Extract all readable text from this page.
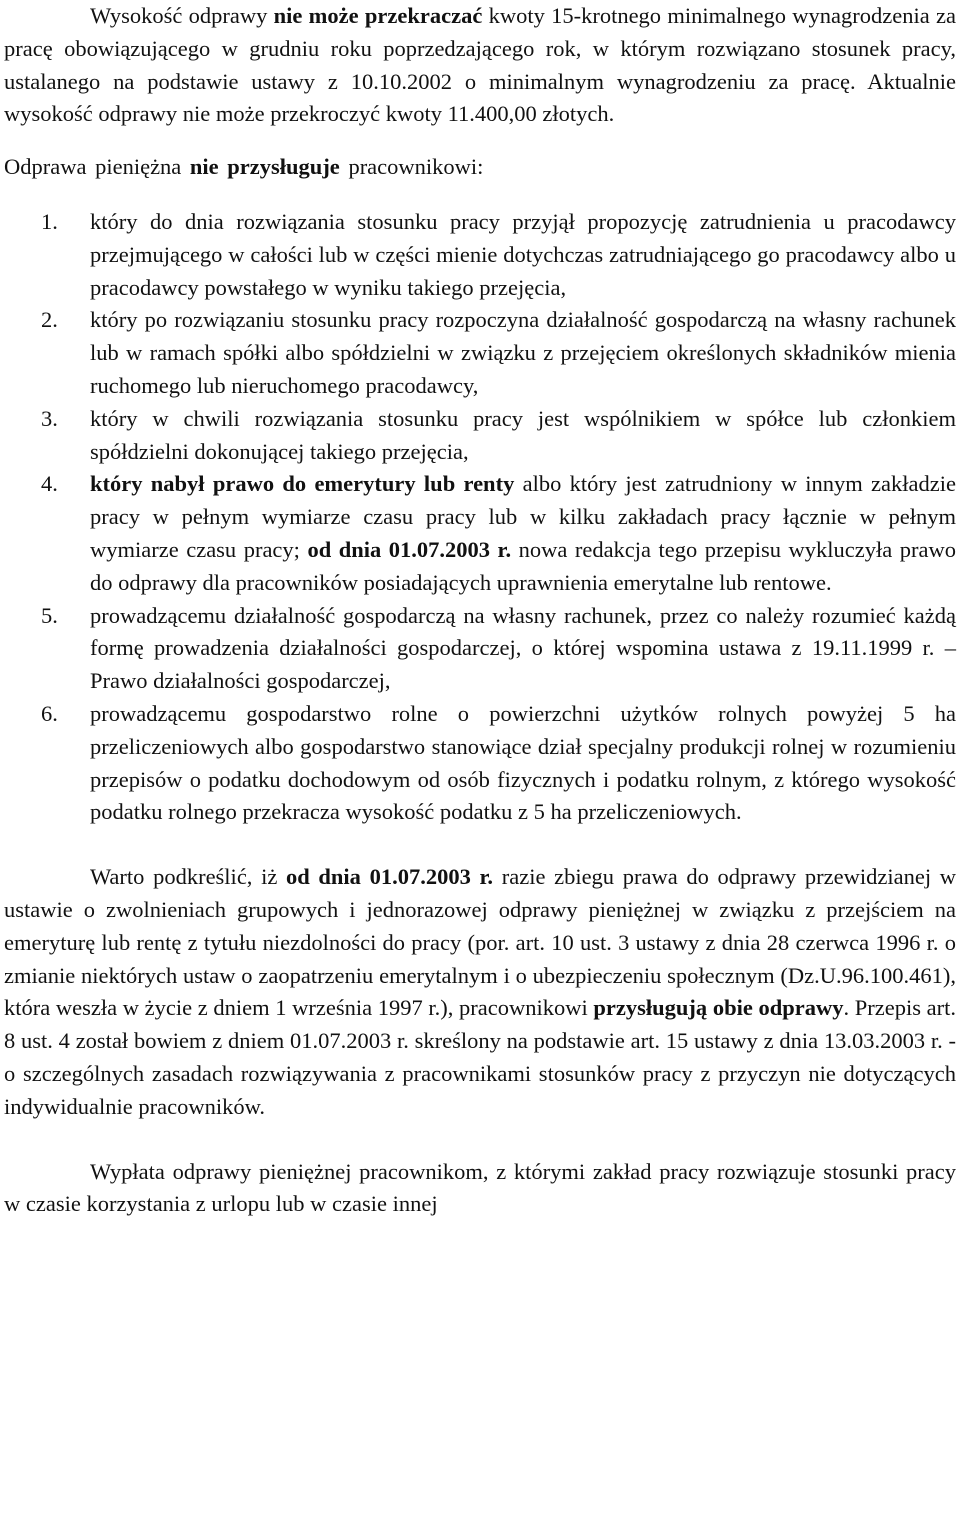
Wysokość odprawy nie może przekraczać kwoty 15-krotnego minimalnego wynagrodzenia za pracę obowiązującego w grudniu roku poprzedzającego rok, w którym rozwiązano stosunek pracy, ustalanego na podstawie ustawy z 10.10.2002 o minimalnym wynagrodzeniu za pracę. Aktualnie wysokość odprawy nie może przekroczyć kwoty 11.400,00 złotych.

Odprawa pieniężna nie przysługuje pracownikowi:

1.	który do dnia rozwiązania stosunku pracy przyjął propozycję zatrudnienia u pracodawcy przejmującego w całości lub w części mienie dotychczas zatrudniającego go pracodawcy albo u pracodawcy powstałego w wyniku takiego przejęcia,
2.	który po rozwiązaniu stosunku pracy rozpoczyna działalność gospodarczą na własny rachunek lub w ramach spółki albo spółdzielni w związku z przejęciem określonych składników mienia ruchomego lub nieruchomego pracodawcy,
3.	który w chwili rozwiązania stosunku pracy jest wspólnikiem w spółce lub członkiem spółdzielni dokonującej takiego przejęcia,
4.	który nabył prawo do emerytury lub renty albo który jest zatrudniony w innym zakładzie pracy w pełnym wymiarze czasu pracy lub w kilku zakładach pracy łącznie w pełnym wymiarze czasu pracy; od dnia 01.07.2003 r. nowa redakcja tego przepisu wykluczyła prawo do odprawy dla pracowników posiadających uprawnienia emerytalne lub rentowe.
5.	prowadzącemu działalność gospodarczą na własny rachunek, przez co należy rozumieć każdą formę prowadzenia działalności gospodarczej, o której wspomina ustawa z 19.11.1999 r. – Prawo działalności gospodarczej,
6.	prowadzącemu gospodarstwo rolne o powierzchni użytków rolnych powyżej 5 ha przeliczeniowych albo gospodarstwo stanowiące dział specjalny produkcji rolnej w rozumieniu przepisów o podatku dochodowym od osób fizycznych i podatku rolnym, z którego wysokość podatku rolnego przekracza wysokość podatku z 5 ha przeliczeniowych.

Warto podkreślić, iż od dnia 01.07.2003 r. razie zbiegu prawa do odprawy przewidzianej w ustawie o zwolnieniach grupowych i jednorazowej odprawy pieniężnej w związku z przejściem na emeryturę lub rentę z tytułu niezdolności do pracy (por. art. 10 ust. 3 ustawy z dnia 28 czerwca 1996 r. o zmianie niektórych ustaw o zaopatrzeniu emerytalnym i o ubezpieczeniu społecznym (Dz.U.96.100.461), która weszła w życie z dniem 1 września 1997 r.), pracownikowi przysługują obie odprawy. Przepis art. 8 ust. 4 został bowiem z dniem 01.07.2003 r. skreślony na podstawie art. 15 ustawy z dnia 13.03.2003 r. - o szczególnych zasadach rozwiązywania z pracownikami stosunków pracy z przyczyn nie dotyczących indywidualnie pracowników.

Wypłata odprawy pieniężnej pracownikom, z którymi zakład pracy rozwiązuje stosunki pracy w czasie korzystania z urlopu lub w czasie innej
